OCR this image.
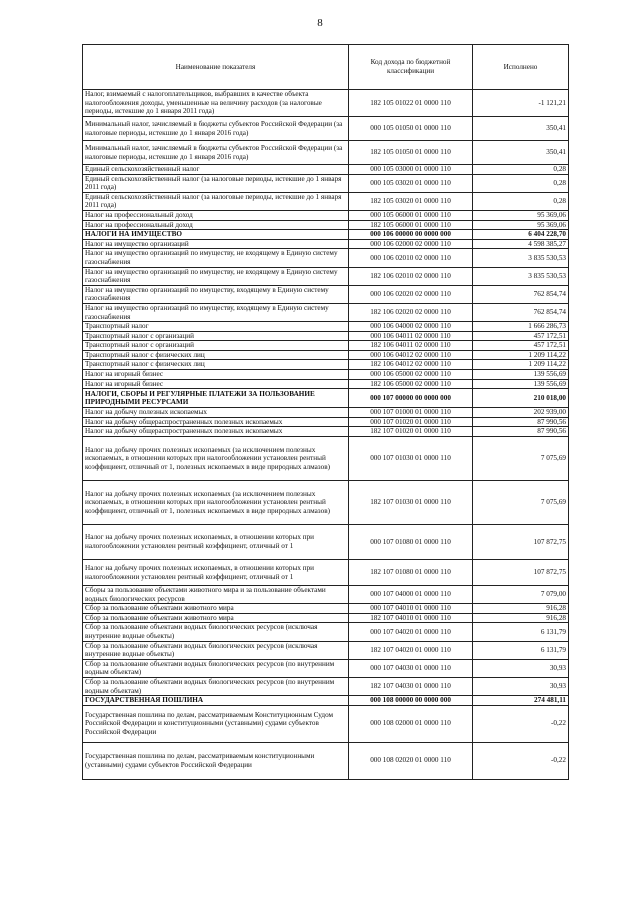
8
Наименование показателя	Код дохода по бюджетной классификации	Исполнено
Налог, взимаемый с налогоплательщиков, выбравших в качестве объекта налогообложения доходы, уменьшенные на величину расходов (за налоговые периоды, истекшие до 1 января 2011 года)	182 105 01022 01 0000 110	-1 121,21
Минимальный налог, зачисляемый в бюджеты субъектов Российской Федерации (за налоговые периоды, истекшие до 1 января 2016 года)	000 105 01050 01 0000 110	350,41
Минимальный налог, зачисляемый в бюджеты субъектов Российской Федерации (за налоговые периоды, истекшие до 1 января 2016 года)	182 105 01050 01 0000 110	350,41
Единый сельскохозяйственный налог	000 105 03000 01 0000 110	0,28
Единый сельскохозяйственный налог (за налоговые периоды, истекшие до 1 января 2011 года)	000 105 03020 01 0000 110	0,28
Единый сельскохозяйственный налог (за налоговые периоды, истекшие до 1 января 2011 года)	182 105 03020 01 0000 110	0,28
Налог на профессиональный доход	000 105 06000 01 0000 110	95 369,06
Налог на профессиональный доход	182 105 06000 01 0000 110	95 369,06
НАЛОГИ НА ИМУЩЕСТВО	000 106 00000 00 0000 000	6 404 228,70
Налог на имущество организаций	000 106 02000 02 0000 110	4 598 385,27
Налог на имущество организаций по имуществу, не входящему в Единую систему газоснабжения	000 106 02010 02 0000 110	3 835 530,53
Налог на имущество организаций по имуществу, не входящему в Единую систему газоснабжения	182 106 02010 02 0000 110	3 835 530,53
Налог на имущество организаций по имуществу, входящему в Единую систему газоснабжения	000 106 02020 02 0000 110	762 854,74
Налог на имущество организаций по имуществу, входящему в Единую систему газоснабжения	182 106 02020 02 0000 110	762 854,74
Транспортный налог	000 106 04000 02 0000 110	1 666 286,73
Транспортный налог с организаций	000 106 04011 02 0000 110	457 172,51
Транспортный налог с организаций	182 106 04011 02 0000 110	457 172,51
Транспортный налог с физических лиц	000 106 04012 02 0000 110	1 209 114,22
Транспортный налог с физических лиц	182 106 04012 02 0000 110	1 209 114,22
Налог на игорный бизнес	000 106 05000 02 0000 110	139 556,69
Налог на игорный бизнес	182 106 05000 02 0000 110	139 556,69
НАЛОГИ, СБОРЫ И РЕГУЛЯРНЫЕ ПЛАТЕЖИ ЗА ПОЛЬЗОВАНИЕ ПРИРОДНЫМИ РЕСУРСАМИ	000 107 00000 00 0000 000	210 018,00
Налог на добычу полезных ископаемых	000 107 01000 01 0000 110	202 939,00
Налог на добычу общераспространенных полезных ископаемых	000 107 01020 01 0000 110	87 990,56
Налог на добычу общераспространенных полезных ископаемых	182 107 01020 01 0000 110	87 990,56
Налог на добычу прочих полезных ископаемых (за исключением полезных ископаемых, в отношении которых при налогообложении установлен рентный коэффициент, отличный от 1, полезных ископаемых в виде природных алмазов)	000 107 01030 01 0000 110	7 075,69
Налог на добычу прочих полезных ископаемых (за исключением полезных ископаемых, в отношении которых при налогообложении установлен рентный коэффициент, отличный от 1, полезных ископаемых в виде природных алмазов)	182 107 01030 01 0000 110	7 075,69
Налог на добычу прочих полезных ископаемых, в отношении которых при налогообложении установлен рентный коэффициент, отличный от 1	000 107 01080 01 0000 110	107 872,75
Налог на добычу прочих полезных ископаемых, в отношении которых при налогообложении установлен рентный коэффициент, отличный от 1	182 107 01080 01 0000 110	107 872,75
Сборы за пользование объектами животного мира и за пользование объектами водных биологических ресурсов	000 107 04000 01 0000 110	7 079,00
Сбор за пользование объектами животного мира	000 107 04010 01 0000 110	916,28
Сбор за пользование объектами животного мира	182 107 04010 01 0000 110	916,28
Сбор за пользование объектами водных биологических ресурсов (исключая внутренние водные объекты)	000 107 04020 01 0000 110	6 131,79
Сбор за пользование объектами водных биологических ресурсов (исключая внутренние водные объекты)	182 107 04020 01 0000 110	6 131,79
Сбор за пользование объектами водных биологических ресурсов (по внутренним водным объектам)	000 107 04030 01 0000 110	30,93
Сбор за пользование объектами водных биологических ресурсов (по внутренним водным объектам)	182 107 04030 01 0000 110	30,93
ГОСУДАРСТВЕННАЯ ПОШЛИНА	000 108 00000 00 0000 000	274 481,11
Государственная пошлина по делам, рассматриваемым Конституционным Судом Российской Федерации и конституционными (уставными) судами субъектов Российской Федерации	000 108 02000 01 0000 110	-0,22
Государственная пошлина по делам, рассматриваемым конституционными (уставными) судами субъектов Российской Федерации	000 108 02020 01 0000 110	-0,22
